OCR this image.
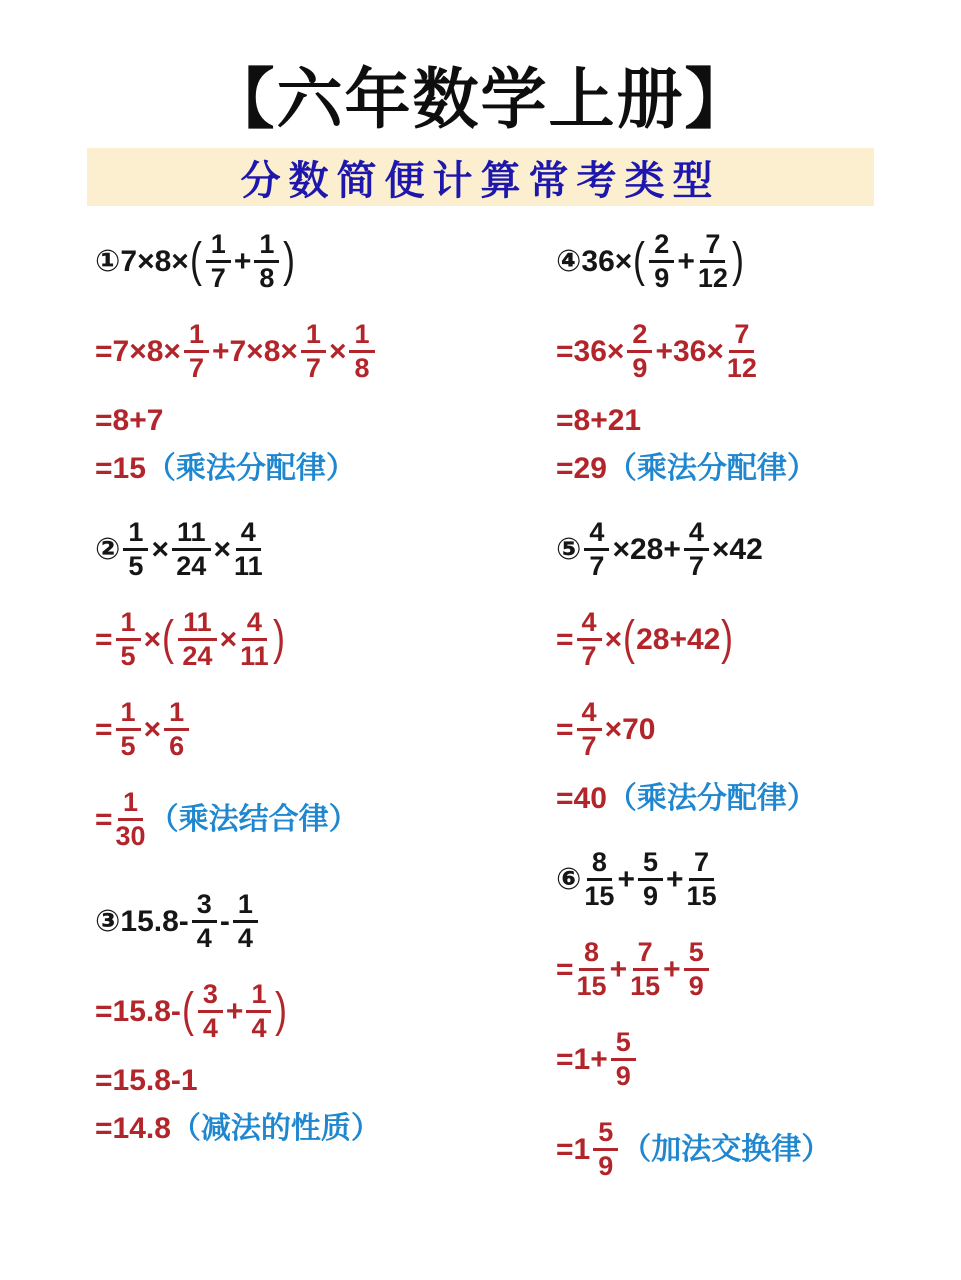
【六年数学上册】
分数简便计算常考类型
①7×8× ( $\frac{1}{7} + \frac{1}{8}$ )
$=7\times 8\times \frac{1}{7} +7\times 8\times \frac{1}{7} \times \frac{1}{8}$
=8+7
=15 （乘法分配律）
② $\frac{1}{5} \times \frac{11}{24} \times \frac{4}{11}$
= $\frac{1}{5}$ × ( $\frac{11}{24} \times \frac{4}{11}$ )
= $\frac{1}{5} \times \frac{1}{6}$
= $\frac{1}{30}$ （乘法结合律）
③15.8- $\frac{3}{4} - \frac{1}{4}$
=15.8- ( $\frac{3}{4} + \frac{1}{4}$ )
=15.8-1
=14.8 （减法的性质）
④36× ( $\frac{2}{9} + \frac{7}{12}$ )
$=36\times \frac{2}{9} +36\times \frac{7}{12}$
=8+21
=29 （乘法分配律）
⑤ $\frac{4}{7} \times 28+ \frac{4}{7} \times 42$
= $\frac{4}{7}$ × ( 28+42 )
= $\frac{4}{7} \times 70$
=40 （乘法分配律）
⑥ $\frac{8}{15} + \frac{5}{9} + \frac{7}{15}$
= $\frac{8}{15} + \frac{7}{15} + \frac{5}{9}$
$=1+ \frac{5}{9}$
$=1 \frac{5}{9}$ （加法交换律）
